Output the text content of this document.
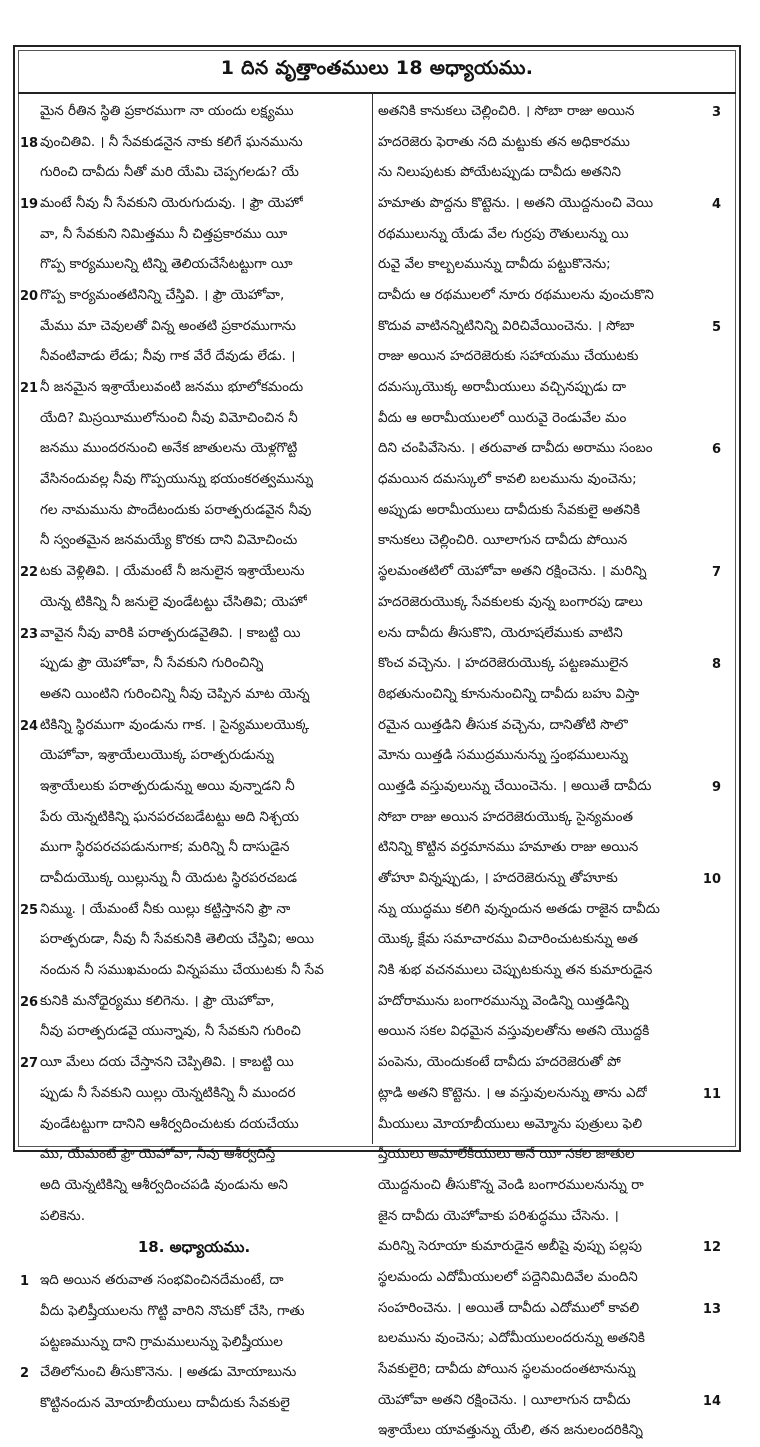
1 దిన వృత్తాంతములు 18 అధ్యాయము.
మైన రీతిన స్థితి ప్రకారముగా నా యందు లక్ష్యము
18 వుంచితివి. । నీ సేవకుడనైన నాకు కలిగే ఘనమును
గురించి దావీదు నీతో మరి యేమి చెప్పగలడు? యే
19 మంటే నీవు నీ సేవకుని యెరుగుదువు. । ఫ్రౌ యెహో
వా, నీ సేవకుని నిమిత్తము నీ చిత్తప్రకారము యీ
గొప్ప కార్యములన్ని టిన్ని తెలియచేసేటట్టుగా యీ
20 గొప్ప కార్యమంతటినిన్ని చేస్తివి. । ఫ్రౌ యెహోవా,
మేము మా చెవులతో విన్న అంతటి ప్రకారముగాను
నీవంటివాడు లేడు; నీవు గాక వేరే దేవుడు లేడు. ।
21 నీ జనమైన ఇశ్రాయేలువంటి జనము భూలోకమందు
యేది? మిస్రయీములోనుంచి నీవు విమోచించిన నీ
జనము ముందరనుంచి అనేక జాతులను యెళ్లగొట్టి
వేసినందువల్ల నీవు గొప్పయున్ను భయంకరత్వమున్ను
గల నామమును పొందేటందుకు పరాత్పరుడవైన నీవు
నీ స్వంతమైన జనమయ్యే కొరకు దాని విమోచించు
22 టకు వెళ్లితివి. । యేమంటే నీ జనులైన ఇశ్రాయేలును
యెన్న టికిన్ని నీ జనులై వుండేటట్టు చేసితివి; యెహో
23 వావైన నీవు వారికి పరాత్పరుడవైతివి. । కాబట్టి యి
ప్పుడు ఫ్రౌ యెహోవా, నీ సేవకుని గురించిన్ని
అతని యింటిని గురించిన్ని నీవు చెప్పిన మాట యెన్న
24 టికిన్ని స్థిరముగా వుండును గాక. । సైన్యములయొక్క
యెహోవా, ఇశ్రాయేలుయొక్క పరాత్పరుడున్ను
ఇశ్రాయేలుకు పరాత్పరుడున్ను అయి వున్నాడని నీ
పేరు యెన్నటికిన్ని ఘనపరచబడేటట్టు అది నిశ్చయ
ముగా స్థిరపరచపడునుగాక; మరిన్ని నీ దాసుడైన
దావీదుయొక్క యిల్లున్ను నీ యెదుట స్థిరపరచబడ
25 నిమ్ము. । యేమంటే నీకు యిల్లు కట్టిస్తానని ఫ్రౌ నా
పరాత్పరుడా, నీవు నీ సేవకునికి తెలియ చేస్తివి; అయి
నందున నీ సముఖమందు విన్నపము చేయుటకు నీ సేవ
26 కునికి మనోధైర్యము కలిగెను. । ఫ్రౌ యెహోవా,
నీవు పరాత్పరుడవై యున్నావు, నీ సేవకుని గురించి
27 యీ మేలు దయ చేస్తానని చెప్పితివి. । కాబట్టి యి
ప్పుడు నీ సేవకుని యిల్లు యెన్నటికిన్ని నీ ముందర
వుండేటట్టుగా దానిని ఆశీర్వదించుటకు దయచేయు
ము, యేమంటే ఫ్రౌ యెహోవా, నీవు ఆశీర్వదిస్తే
అది యెన్నటికిన్ని ఆశీర్వదించపడి వుండును అని
పలికెను.
18. అధ్యాయము.
1 ఇది అయిన తరువాత సంభవించినదేమంటే, దా
వీదు ఫెలిష్తీయులను గొట్టి వారిని నొచుకో చేసి, గాతు
పట్టణమున్ను దాని గ్రామములున్ను ఫెలిష్తీయుల
2 చేతిలోనుంచి తీసుకొనెను. । అతడు మోయాబును
కొట్టినందున మోయాబీయులు దావీదుకు సేవకులై
అతనికి కానుకలు చెల్లించిరి. । సోబా రాజు అయిన	3
హదరెజెరు ఫెరాతు నది మట్టుకు తన అధికారము
ను నిలుపుటకు పోయేటప్పుడు దావీదు అతనిని
హమాతు పొద్దను కొట్టెను. । అతని యొద్దనుంచి వెయి	4
రథములున్ను యేడు వేల గుర్రపు రౌతులున్ను యి
రువై వేల కాల్బలమున్ను దావీదు పట్టుకొనెను;
దావీదు ఆ రథములలో నూరు రథములను వుంచుకొని
కొదువ వాటినన్నిటినిన్ని విరిచివేయించెను. । సోబా	5
రాజు అయిన హదరెజెరుకు సహాయము చేయుటకు
దమస్కుయొక్క అరామీయులు వచ్చినప్పుడు దా
వీదు ఆ అరామీయులలో యిరువై రెండువేల మం
దిని చంపివేసెను. । తరువాత దావీదు అరాము సంబం	6
ధమయిన దమస్కులో కావలి బలమును వుంచెను;
అప్పుడు అరామీయులు దావీదుకు సేవకులై అతనికి
కానుకలు చెల్లించిరి. యీలాగున దావీదు పోయిన
స్థలమంతటిలో యెహోవా అతని రక్షించెను. । మరిన్ని	7
హదరెజెరుయొక్క సేవకులకు వున్న బంగారపు డాలు
లను దావీదు తీసుకొని, యెరూషలేముకు వాటిని
కొంచ వచ్చెను. । హదరెజెరుయొక్క పట్టణములైన	8
ఠిభతునుంచిన్ని కూనునుంచిన్ని దావీదు బహు విస్తా
రమైన యిత్తడిని తీసుక వచ్చెను, దానితోటి సొలొ
మోను యిత్తడి సముద్రమునున్ను స్తంభములున్ను
యిత్తడి వస్తువులున్ను చేయించెను. । అయితే దావీదు	9
సోబా రాజు అయిన హదరెజెరుయొక్క సైన్యమంత
టినిన్ని కొట్టిన వర్తమానము హమాతు రాజు అయిన
తోహూ విన్నప్పుడు, । హదరెజెరున్ను తోహూకు	10
న్ను యుద్ధము కలిగి వున్నందున అతడు రాజైన దావీదు
యొక్క క్షేమ సమాచారము విచారించుటకున్ను అత
నికి శుభ వచనములు చెప్పుటకున్ను తన కుమారుడైన
హదోరామును బంగారమున్ను వెండిన్ని యిత్తడిన్ని
అయిన సకల విధమైన వస్తువులతోను అతని యొద్దకి
పంపెను, యెందుకంటే దావీదు హదరెజెరుతో పో
ట్లాడి అతని కొట్టెను. । ఆ వస్తువులనున్ను తాను ఎదో	11
మీయులు మోయాబీయులు అమ్మోను పుత్రులు ఫెలి
ష్తీయులు అమాలేకీయులు అనే యీ సకల జాతుల
యొద్దనుంచి తీసుకొన్న వెండి బంగారములనున్ను రా
జైన దావీదు యెహోవాకు పరిశుద్ధము చేసెను. ।
మరిన్ని సెరూయా కుమారుడైన అబీషై వుప్పు పల్లపు	12
స్థలమందు ఎదోమీయులలో పద్దెనిమిదివేల మందిని
సంహరించెను. । అయితే దావీదు ఎదోములో కావలి	13
బలమును వుంచెను; ఎదోమీయులందరున్ను అతనికి
సేవకులైరి; దావీదు పోయిన స్థలమందంతటానున్ను
యెహోవా అతని రక్షించెను. । యీలాగున దావీదు	14
ఇశ్రాయేలు యావత్తున్ను యేలి, తన జనులందరికిన్ని
